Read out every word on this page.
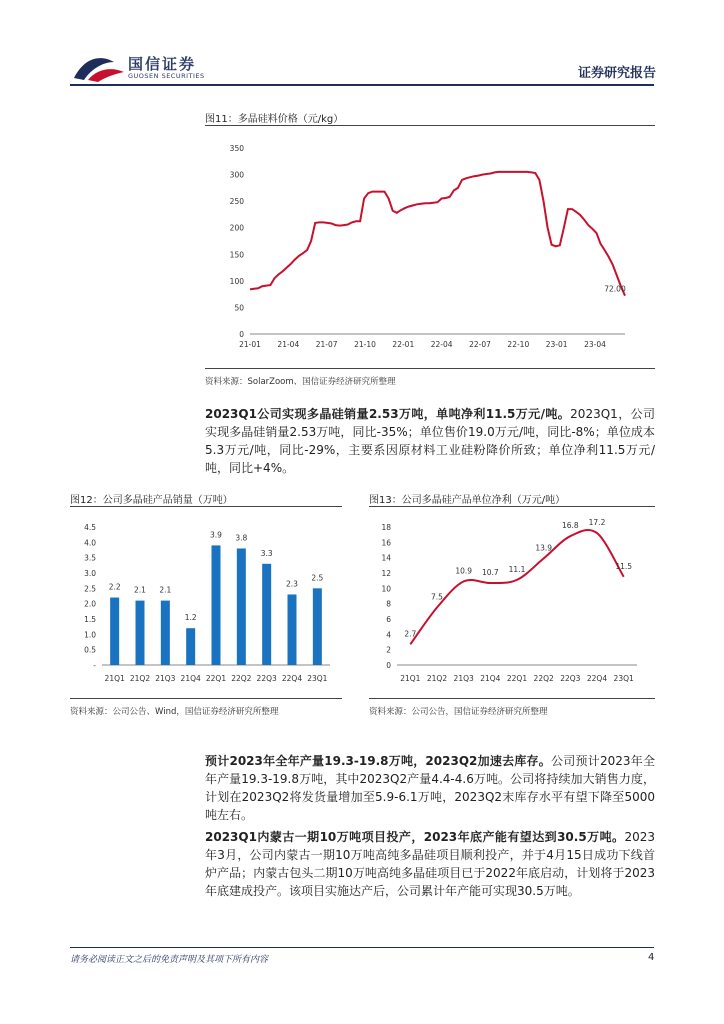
国信证券
GUOSEN SECURITIES	证券研究报告
图11：多晶硅料价格（元/kg）
0
50
100
150
200
250
300
350
21-01 21-04 21-07 21-10 22-01 22-04 22-07 22-10 23-01 23-04
72.00
资料来源：SolarZoom、国信证券经济研究所整理
2023Q1公司实现多晶硅销量2.53万吨，单吨净利11.5万元/吨。2023Q1，公司实现多晶硅销量2.53万吨，同比-35%；单位售价19.0万元/吨，同比-8%；单位成本5.3万元/吨，同比-29%，主要系因原材料工业硅粉降价所致；单位净利11.5万元/吨，同比+4%。
图12：公司多晶硅产品销量（万吨）
-
0.5
1.0
1.5
2.0
2.5
3.0
3.5
4.0
4.5
2.2
21Q1
2.1
21Q2
2.1
21Q3
1.2
21Q4
3.9
22Q1
3.8
22Q2
3.3
22Q3
2.3
22Q4
2.5
23Q1
资料来源：公司公告、Wind，国信证券经济研究所整理
图13：公司多晶硅产品单位净利（万元/吨）
0
2
4
6
8
10
12
14
16
18
2.7
21Q1
7.5
21Q2
10.9
21Q3
10.7
21Q4
11.1
22Q1
13.9
22Q2
16.8
22Q3
17.2
22Q4
11.5
23Q1
资料来源：公司公告，国信证券经济研究所整理
预计2023年全年产量19.3-19.8万吨，2023Q2加速去库存。公司预计2023年全年产量19.3-19.8万吨，其中2023Q2产量4.4-4.6万吨。公司将持续加大销售力度，计划在2023Q2将发货量增加至5.9-6.1万吨，2023Q2末库存水平有望下降至5000吨左右。
2023Q1内蒙古一期10万吨项目投产，2023年底产能有望达到30.5万吨。2023年3月，公司内蒙古一期10万吨高纯多晶硅项目顺利投产，并于4月15日成功下线首炉产品；内蒙古包头二期10万吨高纯多晶硅项目已于2022年底启动，计划将于2023年底建成投产。该项目实施达产后，公司累计年产能可实现30.5万吨。
请务必阅读正文之后的免责声明及其项下所有内容	4
